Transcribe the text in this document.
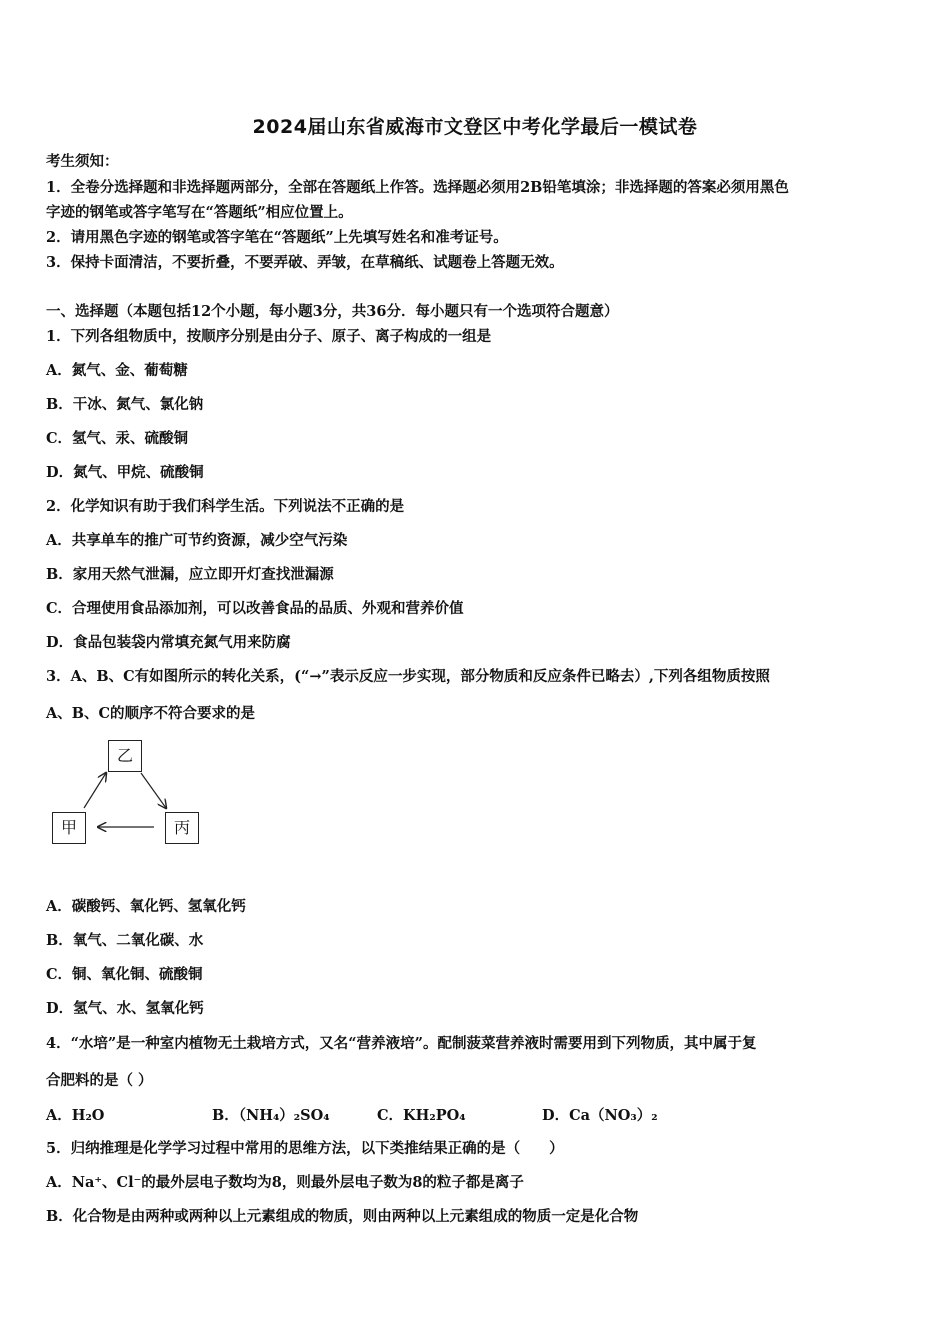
2024届山东省威海市文登区中考化学最后一模试卷
考生须知：
1．全卷分选择题和非选择题两部分，全部在答题纸上作答。选择题必须用2B铅笔填涂；非选择题的答案必须用黑色
字迹的钢笔或答字笔写在“答题纸”相应位置上。
2．请用黑色字迹的钢笔或答字笔在“答题纸”上先填写姓名和准考证号。
3．保持卡面清洁，不要折叠，不要弄破、弄皱，在草稿纸、试题卷上答题无效。
一、选择题（本题包括12个小题，每小题3分，共36分．每小题只有一个选项符合题意）
1．下列各组物质中，按顺序分别是由分子、原子、离子构成的一组是
A．氮气、金、葡萄糖
B．干冰、氮气、氯化钠
C．氢气、汞、硫酸铜
D．氮气、甲烷、硫酸铜
2．化学知识有助于我们科学生活。下列说法不正确的是
A．共享单车的推广可节约资源，减少空气污染
B．家用天然气泄漏，应立即开灯查找泄漏源
C．合理使用食品添加剂，可以改善食品的品质、外观和营养价值
D．食品包装袋内常填充氮气用来防腐
3．A、B、C有如图所示的转化关系，(“→”表示反应一步实现，部分物质和反应条件已略去）,下列各组物质按照
A、B、C的顺序不符合要求的是
乙
甲	丙
A．碳酸钙、氧化钙、氢氧化钙
B．氧气、二氧化碳、水
C．铜、氧化铜、硫酸铜
D．氢气、水、氢氧化钙
4．“水培”是一种室内植物无土栽培方式，又名“营养液培”。配制菠菜营养液时需要用到下列物质，其中属于复
合肥料的是（ ）
A．H₂O	B．（NH₄）₂SO₄	C．KH₂PO₄	D．Ca（NO₃）₂
5．归纳推理是化学学习过程中常用的思维方法，以下类推结果正确的是（　　）
A．Na⁺、Cl⁻的最外层电子数均为8，则最外层电子数为8的粒子都是离子
B．化合物是由两种或两种以上元素组成的物质，则由两种以上元素组成的物质一定是化合物
